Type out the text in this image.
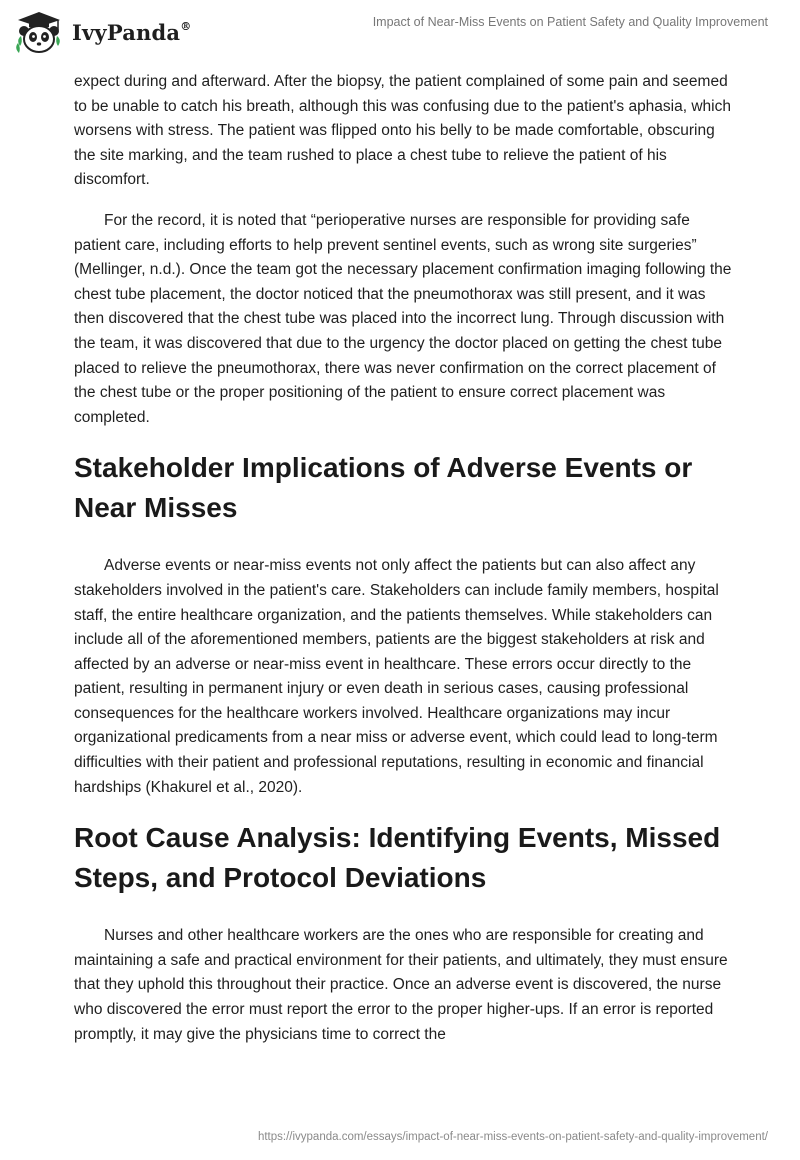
IvyPanda®	Impact of Near-Miss Events on Patient Safety and Quality Improvement

expect during and afterward. After the biopsy, the patient complained of some pain and seemed to be unable to catch his breath, although this was confusing due to the patient's aphasia, which worsens with stress. The patient was flipped onto his belly to be made comfortable, obscuring the site marking, and the team rushed to place a chest tube to relieve the patient of his discomfort.

For the record, it is noted that “perioperative nurses are responsible for providing safe patient care, including efforts to help prevent sentinel events, such as wrong site surgeries” (Mellinger, n.d.). Once the team got the necessary placement confirmation imaging following the chest tube placement, the doctor noticed that the pneumothorax was still present, and it was then discovered that the chest tube was placed into the incorrect lung. Through discussion with the team, it was discovered that due to the urgency the doctor placed on getting the chest tube placed to relieve the pneumothorax, there was never confirmation on the correct placement of the chest tube or the proper positioning of the patient to ensure correct placement was completed.

Stakeholder Implications of Adverse Events or Near Misses

Adverse events or near-miss events not only affect the patients but can also affect any stakeholders involved in the patient's care. Stakeholders can include family members, hospital staff, the entire healthcare organization, and the patients themselves. While stakeholders can include all of the aforementioned members, patients are the biggest stakeholders at risk and affected by an adverse or near-miss event in healthcare. These errors occur directly to the patient, resulting in permanent injury or even death in serious cases, causing professional consequences for the healthcare workers involved. Healthcare organizations may incur organizational predicaments from a near miss or adverse event, which could lead to long-term difficulties with their patient and professional reputations, resulting in economic and financial hardships (Khakurel et al., 2020).

Root Cause Analysis: Identifying Events, Missed Steps, and Protocol Deviations

Nurses and other healthcare workers are the ones who are responsible for creating and maintaining a safe and practical environment for their patients, and ultimately, they must ensure that they uphold this throughout their practice. Once an adverse event is discovered, the nurse who discovered the error must report the error to the proper higher-ups. If an error is reported promptly, it may give the physicians time to correct the

https://ivypanda.com/essays/impact-of-near-miss-events-on-patient-safety-and-quality-improvement/
